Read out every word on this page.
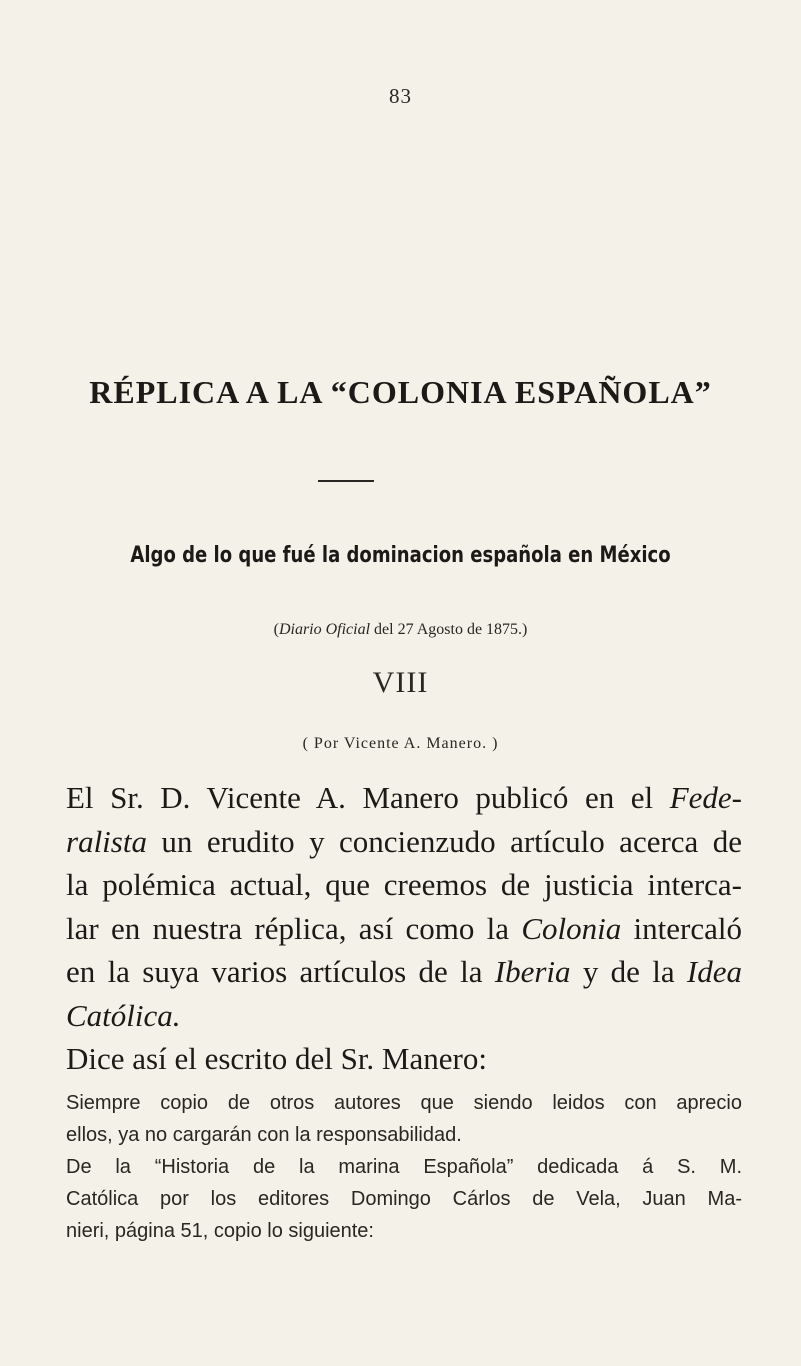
83
RÉPLICA A LA “COLONIA ESPAÑOLA”
Algo de lo que fué la dominacion española en México
(Diario Oficial del 27 Agosto de 1875.)
VIII
( Por Vicente A. Manero. )
El Sr. D. Vicente A. Manero publicó en el Fede-
ralista un erudito y concienzudo artículo acerca de
la polémica actual, que creemos de justicia interca-
lar en nuestra réplica, así como la Colonia intercaló
en la suya varios artículos de la Iberia y de la Idea
Católica.
Dice así el escrito del Sr. Manero:
Siempre copio de otros autores que siendo leidos con aprecio
ellos, ya no cargarán con la responsabilidad.
De la “Historia de la marina Española” dedicada á S. M.
Católica por los editores Domingo Cárlos de Vela, Juan Ma-
nieri, página 51, copio lo siguiente:
